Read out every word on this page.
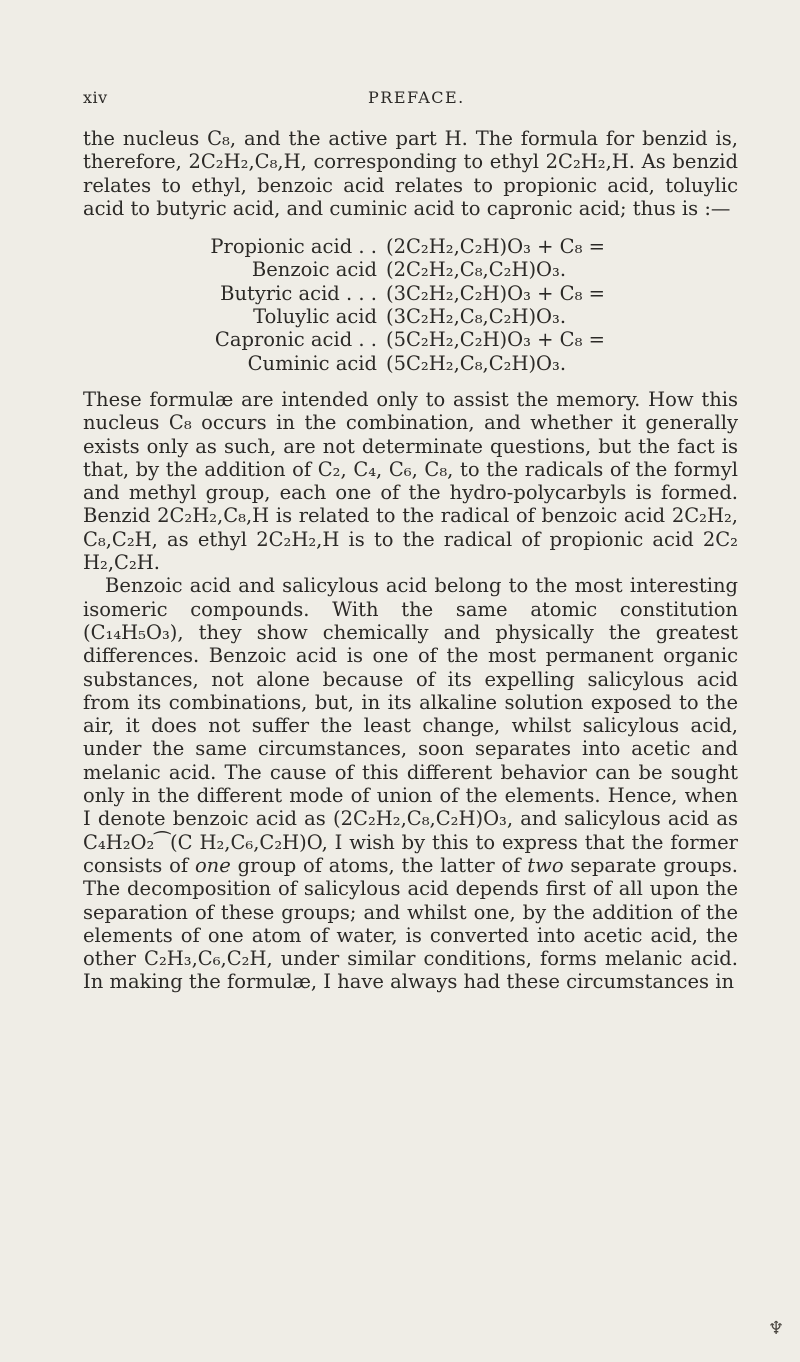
xiv	PREFACE.

the nucleus C₈, and the active part H. The formula for benzid is, therefore, 2C₂H₂,C₈,H, corresponding to ethyl 2C₂H₂,H. As benzid relates to ethyl, benzoic acid relates to propionic acid, toluylic acid to butyric acid, and cuminic acid to capronic acid; thus is :—

Propionic acid . . (2C₂H₂,C₂H)O₃ + C₈ =
Benzoic acid (2C₂H₂,C₈,C₂H)O₃.
Butyric acid . . . (3C₂H₂,C₂H)O₃ + C₈ =
Toluylic acid (3C₂H₂,C₈,C₂H)O₃.
Capronic acid . . (5C₂H₂,C₂H)O₃ + C₈ =
Cuminic acid (5C₂H₂,C₈,C₂H)O₃.

These formulæ are intended only to assist the memory. How this nucleus C₈ occurs in the combination, and whether it generally exists only as such, are not determinate questions, but the fact is that, by the addition of C₂, C₄, C₆, C₈, to the radicals of the formyl and methyl group, each one of the hydro-polycarbyls is formed. Benzid 2C₂H₂,C₈,H is related to the radical of benzoic acid 2C₂H₂, C₈,C₂H, as ethyl 2C₂H₂,H is to the radical of propionic acid 2C₂ H₂,C₂H.

Benzoic acid and salicylous acid belong to the most interesting isomeric compounds. With the same atomic constitution (C₁₄H₅O₃), they show chemically and physically the greatest differences. Benzoic acid is one of the most permanent organic substances, not alone because of its expelling salicylous acid from its combinations, but, in its alkaline solution exposed to the air, it does not suffer the least change, whilst salicylous acid, under the same circumstances, soon separates into acetic and melanic acid. The cause of this different behavior can be sought only in the different mode of union of the elements. Hence, when I denote benzoic acid as (2C₂H₂,C₈,C₂H)O₃, and salicylous acid as C₄H₂O₂⁀(C H₂,C₆,C₂H)O, I wish by this to express that the former consists of one group of atoms, the latter of two separate groups. The decomposition of salicylous acid depends first of all upon the separation of these groups; and whilst one, by the addition of the elements of one atom of water, is converted into acetic acid, the other C₂H₃,C₆,C₂H, under similar conditions, forms melanic acid. In making the formulæ, I have always had these circumstances in

♆
